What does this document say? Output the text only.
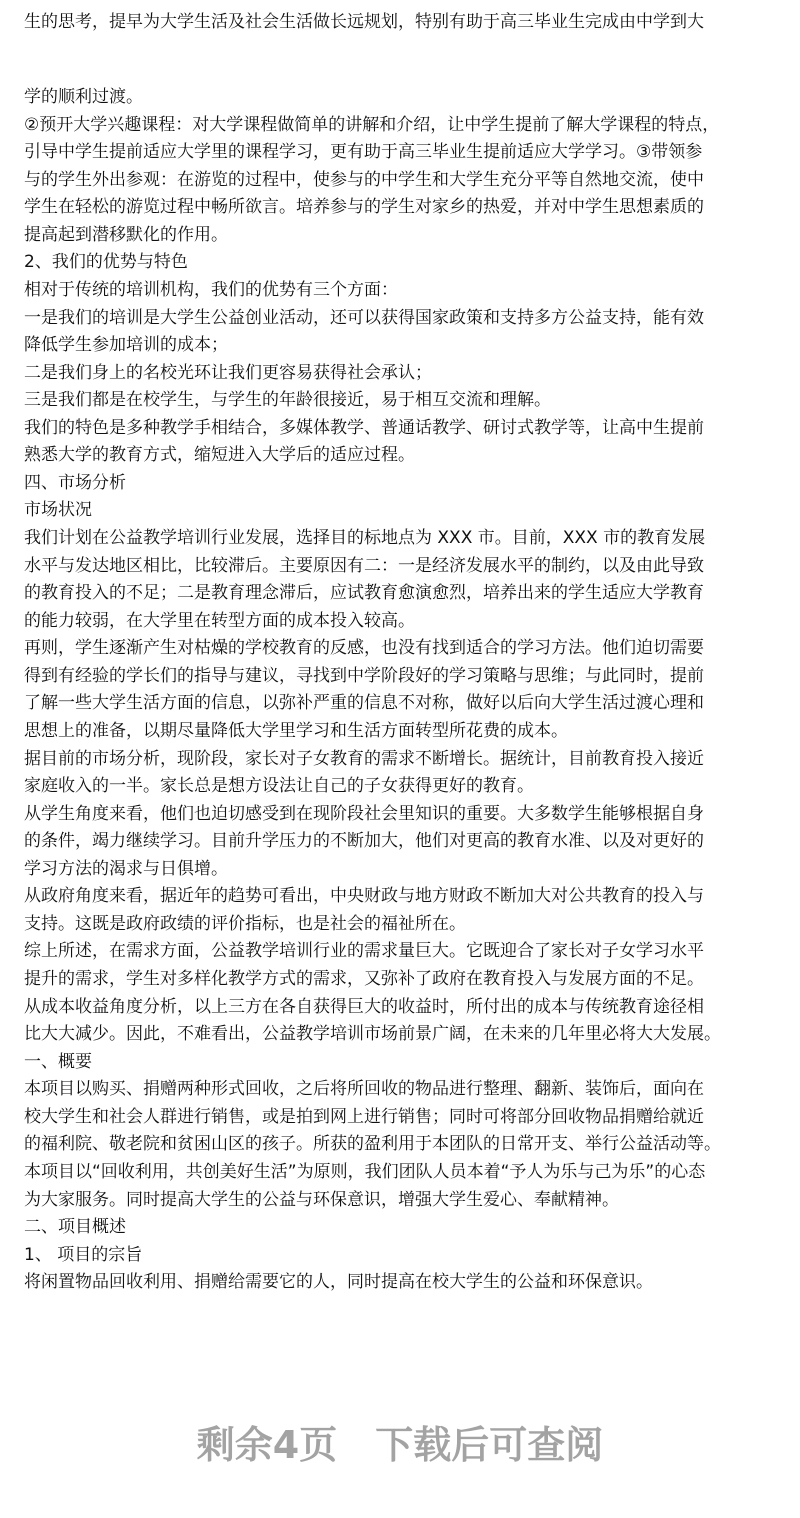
生的思考，提早为大学生活及社会生活做长远规划，特别有助于高三毕业生完成由中学到大
学的顺利过渡。
②预开大学兴趣课程：对大学课程做简单的讲解和介绍，让中学生提前了解大学课程的特点，
引导中学生提前适应大学里的课程学习，更有助于高三毕业生提前适应大学学习。③带领参
与的学生外出参观：在游览的过程中，使参与的中学生和大学生充分平等自然地交流，使中
学生在轻松的游览过程中畅所欲言。培养参与的学生对家乡的热爱，并对中学生思想素质的
提高起到潜移默化的作用。
2、我们的优势与特色
相对于传统的培训机构，我们的优势有三个方面：
一是我们的培训是大学生公益创业活动，还可以获得国家政策和支持多方公益支持，能有效
降低学生参加培训的成本；
二是我们身上的名校光环让我们更容易获得社会承认；
三是我们都是在校学生，与学生的年龄很接近，易于相互交流和理解。
我们的特色是多种教学手相结合，多媒体教学、普通话教学、研讨式教学等，让高中生提前
熟悉大学的教育方式，缩短进入大学后的适应过程。
四、市场分析
市场状况
我们计划在公益教学培训行业发展，选择目的标地点为 XXX 市。目前，XXX 市的教育发展
水平与发达地区相比，比较滞后。主要原因有二：一是经济发展水平的制约，以及由此导致
的教育投入的不足；二是教育理念滞后，应试教育愈演愈烈，培养出来的学生适应大学教育
的能力较弱，在大学里在转型方面的成本投入较高。
再则，学生逐渐产生对枯燥的学校教育的反感，也没有找到适合的学习方法。他们迫切需要
得到有经验的学长们的指导与建议，寻找到中学阶段好的学习策略与思维；与此同时，提前
了解一些大学生活方面的信息，以弥补严重的信息不对称，做好以后向大学生活过渡心理和
思想上的准备，以期尽量降低大学里学习和生活方面转型所花费的成本。
据目前的市场分析，现阶段，家长对子女教育的需求不断增长。据统计，目前教育投入接近
家庭收入的一半。家长总是想方设法让自己的子女获得更好的教育。
从学生角度来看，他们也迫切感受到在现阶段社会里知识的重要。大多数学生能够根据自身
的条件，竭力继续学习。目前升学压力的不断加大，他们对更高的教育水准、以及对更好的
学习方法的渴求与日俱增。
从政府角度来看，据近年的趋势可看出，中央财政与地方财政不断加大对公共教育的投入与
支持。这既是政府政绩的评价指标，也是社会的福祉所在。
综上所述，在需求方面，公益教学培训行业的需求量巨大。它既迎合了家长对子女学习水平
提升的需求，学生对多样化教学方式的需求，又弥补了政府在教育投入与发展方面的不足。
从成本收益角度分析，以上三方在各自获得巨大的收益时，所付出的成本与传统教育途径相
比大大减少。因此，不难看出，公益教学培训市场前景广阔，在未来的几年里必将大大发展。
一、概要
本项目以购买、捐赠两种形式回收，之后将所回收的物品进行整理、翻新、装饰后，面向在
校大学生和社会人群进行销售，或是拍到网上进行销售；同时可将部分回收物品捐赠给就近
的福利院、敬老院和贫困山区的孩子。所获的盈利用于本团队的日常开支、举行公益活动等。
本项目以“回收利用，共创美好生活”为原则，我们团队人员本着“予人为乐与己为乐”的心态
为大家服务。同时提高大学生的公益与环保意识，增强大学生爱心、奉献精神。
二、项目概述
1、 项目的宗旨
将闲置物品回收利用、捐赠给需要它的人，同时提高在校大学生的公益和环保意识。
剩余4页　下载后可查阅
